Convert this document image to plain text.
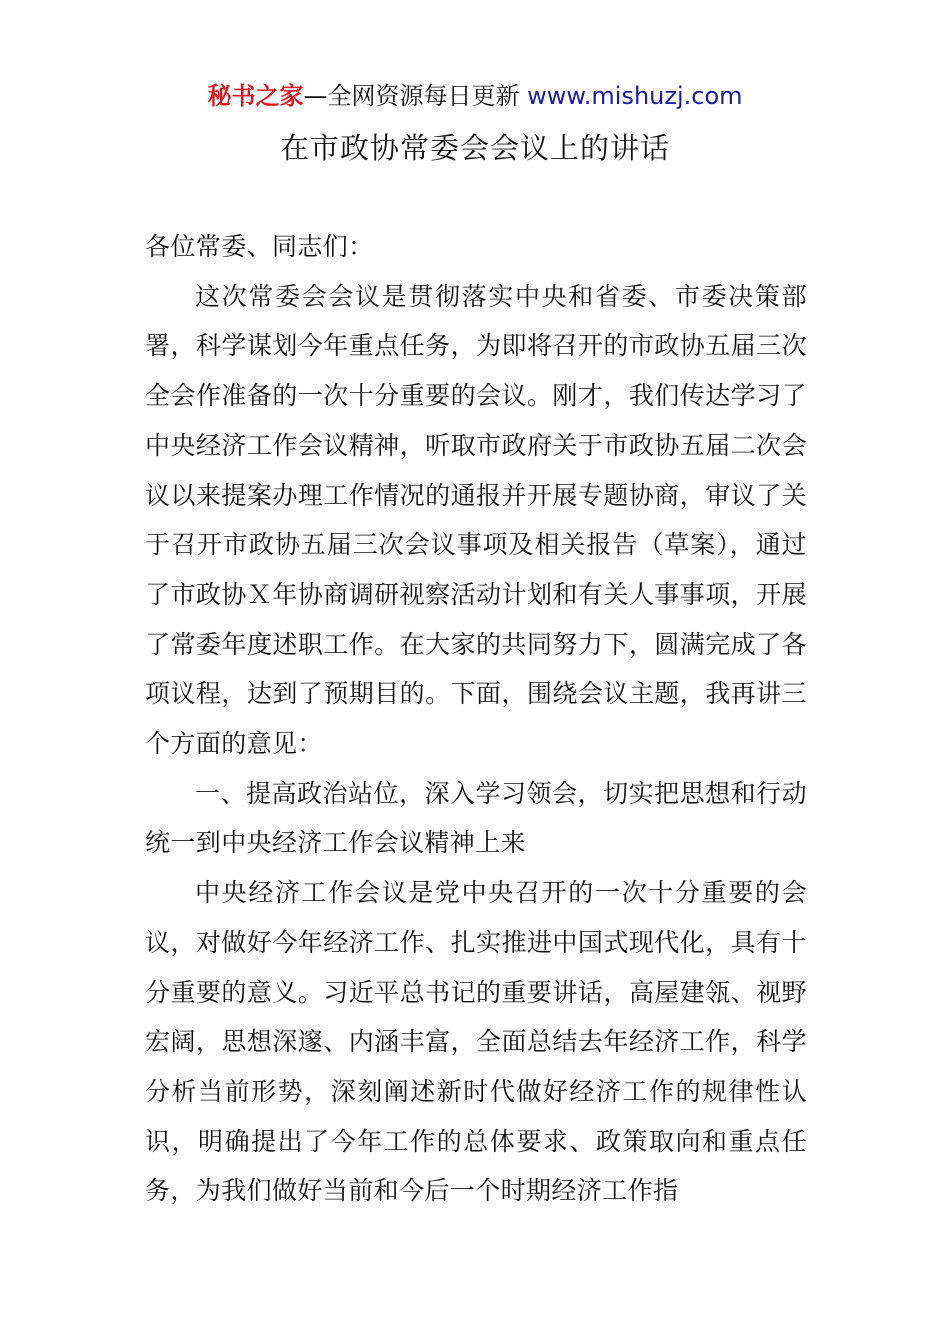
秘书之家—全网资源每日更新 www.mishuzj.com
在市政协常委会会议上的讲话

各位常委、同志们：

这次常委会会议是贯彻落实中央和省委、市委决策部署，科学谋划今年重点任务，为即将召开的市政协五届三次全会作准备的一次十分重要的会议。刚才，我们传达学习了中央经济工作会议精神，听取市政府关于市政协五届二次会议以来提案办理工作情况的通报并开展专题协商，审议了关于召开市政协五届三次会议事项及相关报告（草案），通过了市政协Ｘ年协商调研视察活动计划和有关人事事项，开展了常委年度述职工作。在大家的共同努力下，圆满完成了各项议程，达到了预期目的。下面，围绕会议主题，我再讲三个方面的意见：

一、提高政治站位，深入学习领会，切实把思想和行动统一到中央经济工作会议精神上来

中央经济工作会议是党中央召开的一次十分重要的会议，对做好今年经济工作、扎实推进中国式现代化，具有十分重要的意义。习近平总书记的重要讲话，高屋建瓴、视野宏阔，思想深邃、内涵丰富，全面总结去年经济工作，科学分析当前形势，深刻阐述新时代做好经济工作的规律性认识，明确提出了今年工作的总体要求、政策取向和重点任务，为我们做好当前和今后一个时期经济工作指
